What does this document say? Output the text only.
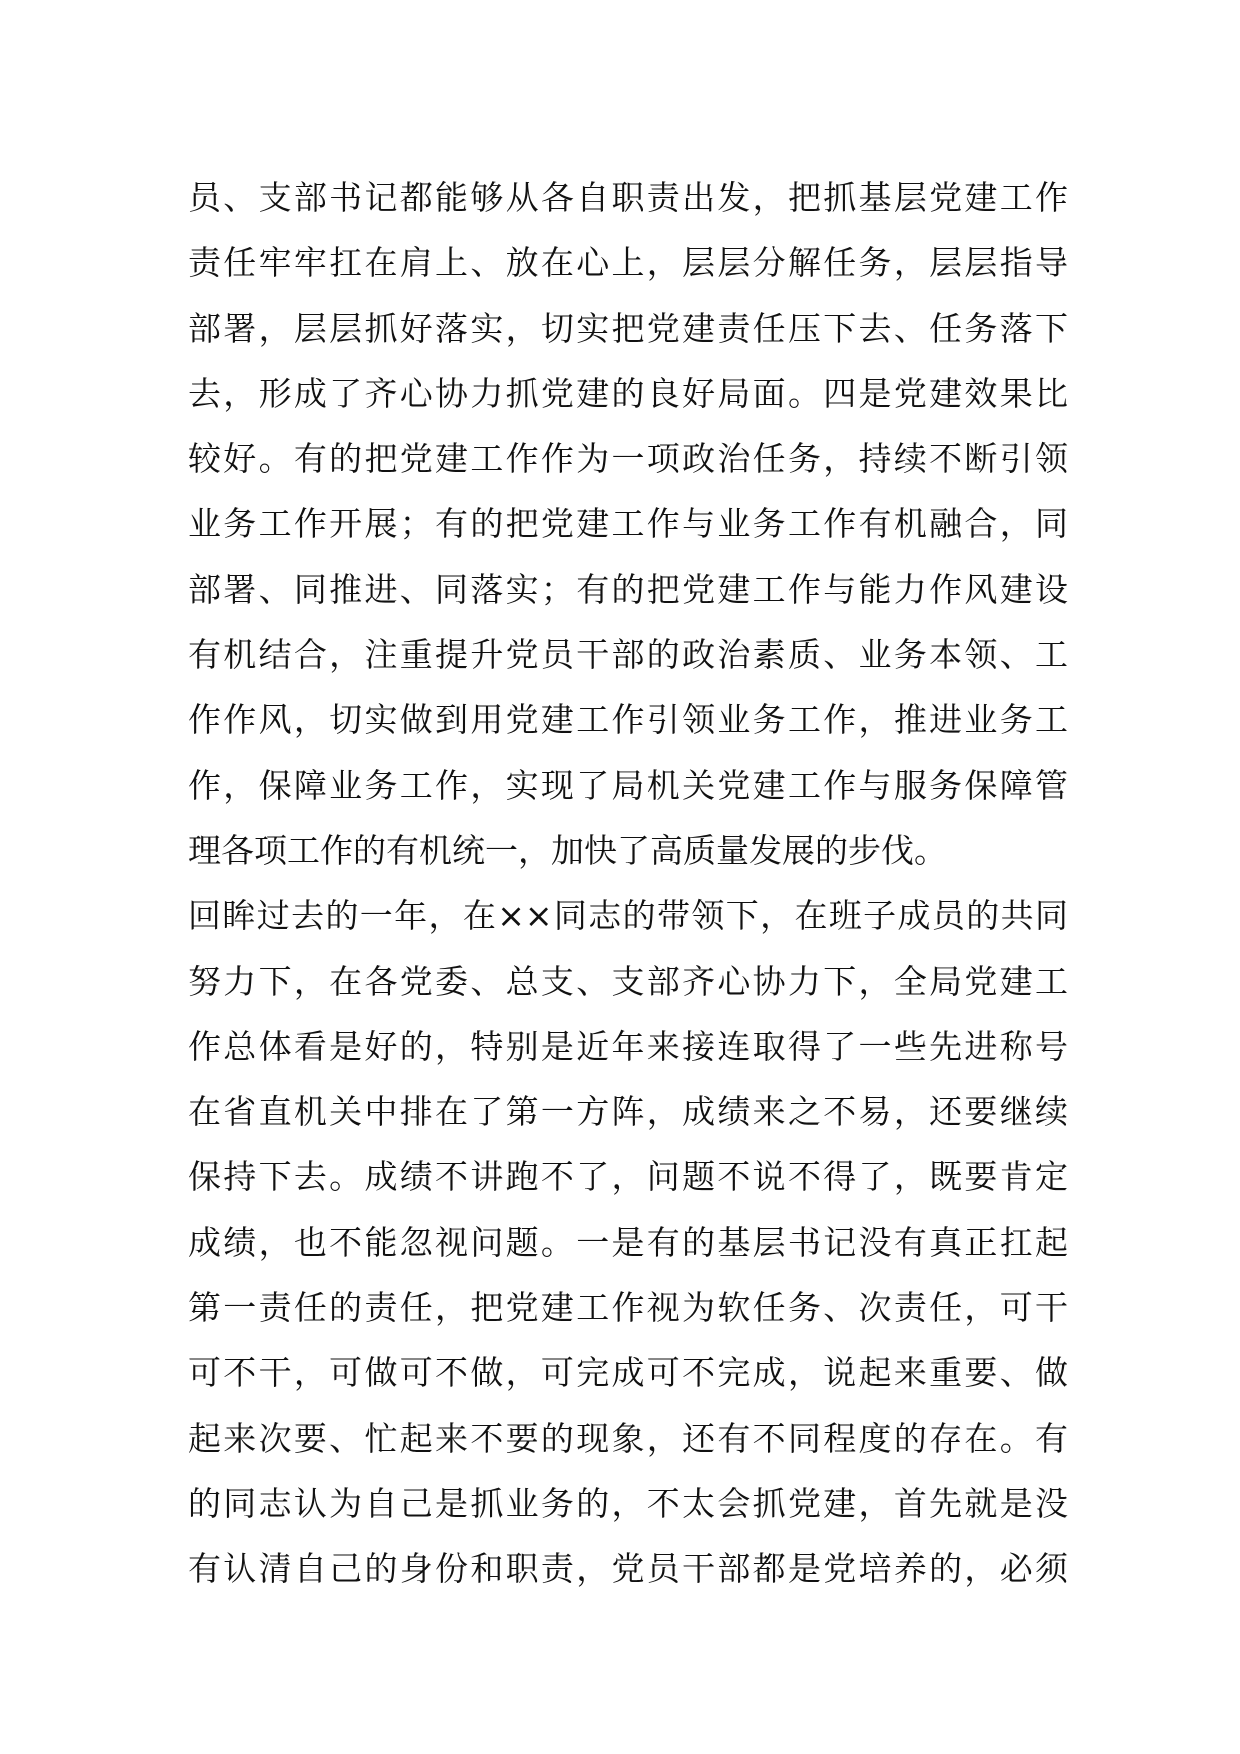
员、支部书记都能够从各自职责出发，把抓基层党建工作
责任牢牢扛在肩上、放在心上，层层分解任务，层层指导
部署，层层抓好落实，切实把党建责任压下去、任务落下
去，形成了齐心协力抓党建的良好局面。四是党建效果比
较好。有的把党建工作作为一项政治任务，持续不断引领
业务工作开展；有的把党建工作与业务工作有机融合，同
部署、同推进、同落实；有的把党建工作与能力作风建设
有机结合，注重提升党员干部的政治素质、业务本领、工
作作风，切实做到用党建工作引领业务工作，推进业务工
作，保障业务工作，实现了局机关党建工作与服务保障管
理各项工作的有机统一，加快了高质量发展的步伐。
回眸过去的一年，在××同志的带领下，在班子成员的共同
努力下，在各党委、总支、支部齐心协力下，全局党建工
作总体看是好的，特别是近年来接连取得了一些先进称号
在省直机关中排在了第一方阵，成绩来之不易，还要继续
保持下去。成绩不讲跑不了，问题不说不得了，既要肯定
成绩，也不能忽视问题。一是有的基层书记没有真正扛起
第一责任的责任，把党建工作视为软任务、次责任，可干
可不干，可做可不做，可完成可不完成，说起来重要、做
起来次要、忙起来不要的现象，还有不同程度的存在。有
的同志认为自己是抓业务的，不太会抓党建，首先就是没
有认清自己的身份和职责，党员干部都是党培养的，必须
